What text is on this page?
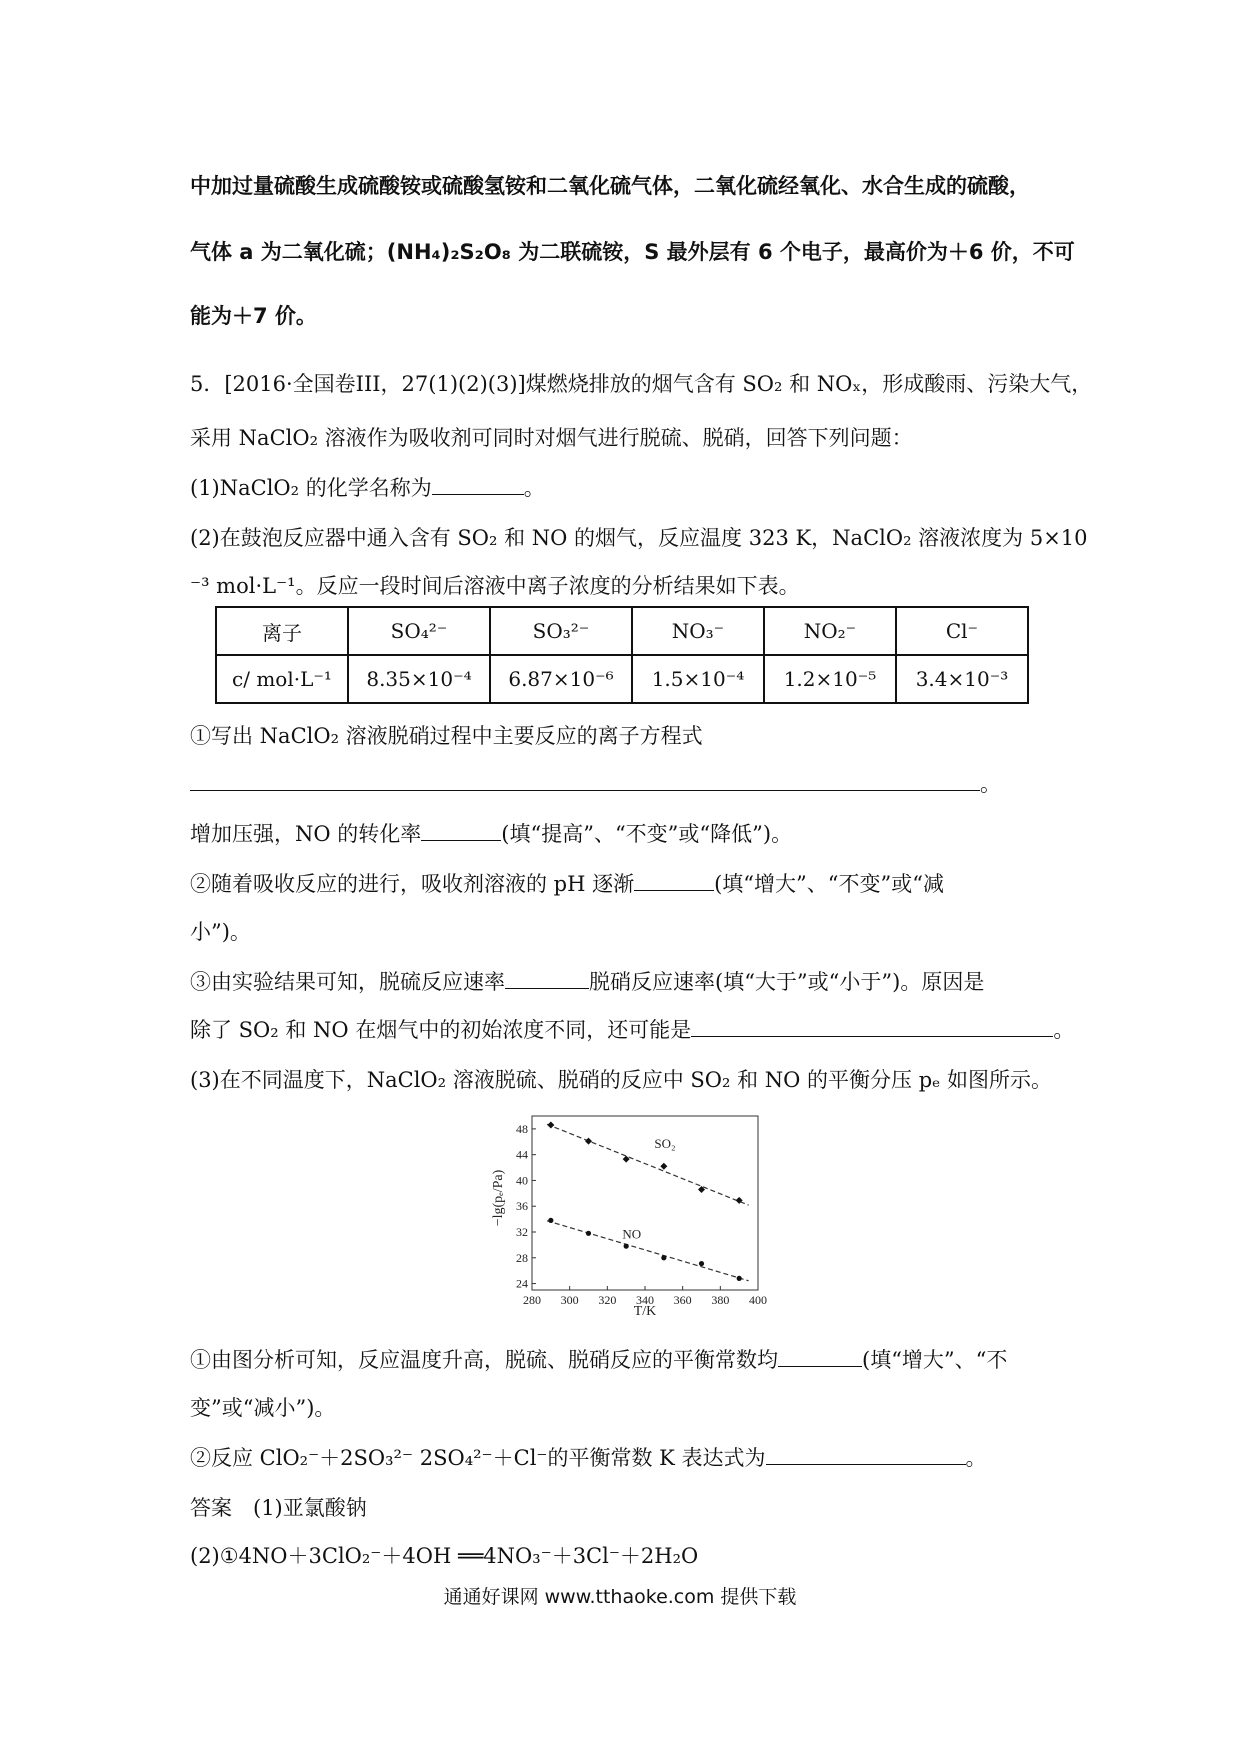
中加过量硫酸生成硫酸铵或硫酸氢铵和二氧化硫气体，二氧化硫经氧化、水合生成的硫酸，
气体 a 为二氧化硫；(NH₄)₂S₂O₈ 为二联硫铵，S 最外层有 6 个电子，最高价为＋6 价，不可
能为＋7 价。
5．[2016·全国卷III，27(1)(2)(3)]煤燃烧排放的烟气含有 SO₂ 和 NOₓ，形成酸雨、污染大气，
采用 NaClO₂ 溶液作为吸收剂可同时对烟气进行脱硫、脱硝，回答下列问题：
(1)NaClO₂ 的化学名称为	。
(2)在鼓泡反应器中通入含有 SO₂ 和 NO 的烟气，反应温度 323 K，NaClO₂ 溶液浓度为 5×10
⁻³ mol·L⁻¹。反应一段时间后溶液中离子浓度的分析结果如下表。
离子	SO₄²⁻	SO₃²⁻	NO₃⁻	NO₂⁻	Cl⁻
c/ mol·L⁻¹	8.35×10⁻⁴	6.87×10⁻⁶	1.5×10⁻⁴	1.2×10⁻⁵	3.4×10⁻³
①写出 NaClO₂ 溶液脱硝过程中主要反应的离子方程式
。
增加压强，NO 的转化率	(填“提高”、“不变”或“降低”)。
②随着吸收反应的进行，吸收剂溶液的 pH 逐渐	(填“增大”、“不变”或“减
小”)。
③由实验结果可知，脱硫反应速率	脱硝反应速率(填“大于”或“小于”)。原因是
除了 SO₂ 和 NO 在烟气中的初始浓度不同，还可能是	。
(3)在不同温度下，NaClO₂ 溶液脱硫、脱硝的反应中 SO₂ 和 NO 的平衡分压 pₑ 如图所示。
−lg(pₑ/Pa)
24
28
32
36
40
44
48
280 300 320 340 360 380 400
SO₂
NO
T/K
①由图分析可知，反应温度升高，脱硫、脱硝反应的平衡常数均	(填“增大”、“不
变”或“减小”)。
②反应 ClO₂⁻＋2SO₃²⁻ 2SO₄²⁻＋Cl⁻的平衡常数 K 表达式为	。
答案　(1)亚氯酸钠
(2)①4NO＋3ClO₂⁻＋4OH ══4NO₃⁻＋3Cl⁻＋2H₂O
通通好课网 www.tthaoke.com 提供下载
